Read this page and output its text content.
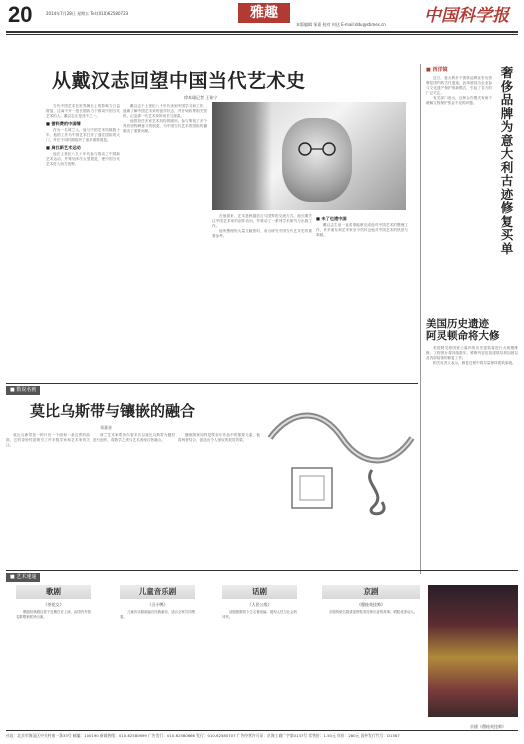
20	2014年7月28日 星期五 Tel:(010)62580723	雅趣	中国科学报
本版编辑 邹嘉 校对 何达 E-mail:ddu@stimes.cn
从戴汉志回望中国当代艺术史
徐本瑜记者 王象宁

当代中国艺术在世界舞台上的影响力日益增加，这离不开一批长期致力于推动中国当代艺术的人。戴汉志正是其中之一。

■ 誉料费的中国情

作为一名荷兰人，他与中国艺术结缘数十年，他的工作为中国艺术打开了通往国际的大门，并在不同时期组织了诸多重要展览。

■ 肩扛新艺术运动

他在上世纪八九十年代参与推动了中国新艺术运动，并策划多次大型展览，使中国当代艺术进入西方视野。

戴汉志于上世纪八十年代来到中国学习和工作，逐渐了解中国艺术家的创作状态，并开始收集相关资料，记录那一代艺术家的成长与探索。

他曾担任多家艺术机构的顾问，参与策划了多个具有里程碑意义的展览，为中国当代艺术的国际传播做出了重要贡献。

在他看来，艺术是跨越语言与国界的交流方式。他长期关注中国艺术家的创作动向，并推动了一系列学术研究与出版工作。

他所整理的大量文献资料，成为研究中国当代艺术史的重要参考。

■ 未了也遗中国

戴汉志生前一直希望能够完成他对中国艺术的整理工作，许多朋友和艺术家至今仍怀念他对中国艺术的热爱与奉献。

■ 西洋镜	奢侈品牌为意大利古迹修复买单

近日，意大利多个奢侈品牌宣布出资修复国内的古代遗迹。此举被视为企业参与文化遗产保护的新模式，引起了各方的广泛关注。

有关部门表示，这种合作模式有助于缓解文物保护资金不足的问题。

美国历史遗迹
阿灵顿命将大修

美国阿灵顿国家公墓内的历史建筑将进行大规模维修，工程预计将持续数年。维修内容包括建筑结构加固以及内部装饰的修复工作。

相关负责人表示，修复过程中将尽量保持建筑原貌。

■ 数说名画
莫比乌斯带与镶嵌的融合
邓嘉音

莫比乌斯带是一种只有一个面和一条边界的曲面，它的奇妙性质吸引了许多数学家和艺术家的关注。

荷兰艺术家埃舍尔曾多次以莫比乌斯带为题材进行创作，将数学之美与艺术表现巧妙融合。

镶嵌图案同样是埃舍尔作品中的重要元素，他将两者结合，创造出令人惊叹的视觉效果。

■ 艺术速递
歌剧
《茶花女》

歌剧经典剧目将于近期在京上演，由国内外知名歌唱家联袂出演。

儿童音乐剧
《丑小鸭》

儿童音乐剧改编自经典童话，适合全家共同观看。

话剧
《人民公敌》

话剧根据易卜生名著改编，展现人性与社会的冲突。

京剧
《穆桂英挂帅》

京剧传统名剧讲述穆桂英挂帅出征的故事，唱腔优美动人。

京剧《穆桂英挂帅》
社址：北京市海淀区中关村南一条33号 邮编：100190 新闻热线：010-62580699 广告发行：010-62580666 发行：010-62580707 广告经营许可证：京海工商广字第0137号 零售价：1.50元 年价：280元 国外发行代号：D1587
